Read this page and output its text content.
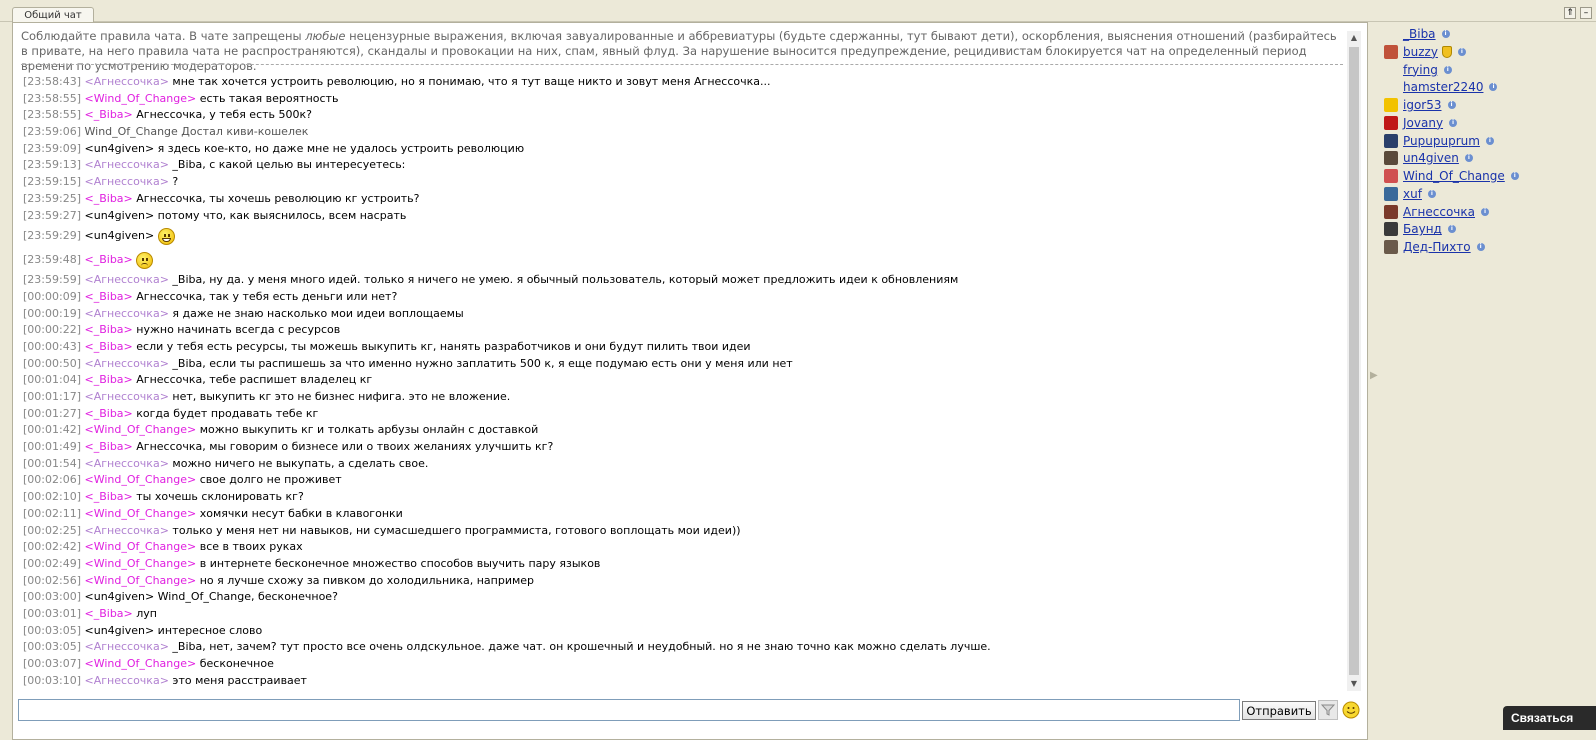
Общий чат	⇑	–
Соблюдайте правила чата. В чате запрещены любые нецензурные выражения, включая завуалированные и аббревиатуры (будьте сдержанны, тут бывают дети), оскорбления, выяснения отношений (разбирайтесь в привате, на него правила чата не распространяются), скандалы и провокации на них, спам, явный флуд. За нарушение выносится предупреждение, рецидивистам блокируется чат на определенный период времени по усмотрению модераторов.
[23:58:43] <Агнессочка> мне так хочется устроить революцию, но я понимаю, что я тут ваще никто и зовут меня Агнессочка...
[23:58:55] <Wind_Of_Change> есть такая вероятность
[23:58:55] <_Biba> Агнессочка, у тебя есть 500к?
[23:59:06] Wind_Of_Change Достал киви-кошелек
[23:59:09] <un4given> я здесь кое-кто, но даже мне не удалось устроить революцию
[23:59:13] <Агнессочка> _Biba, с какой целью вы интересуетесь:
[23:59:15] <Агнессочка> ?
[23:59:25] <_Biba> Агнессочка, ты хочешь революцию кг устроить?
[23:59:27] <un4given> потому что, как выяснилось, всем насрать
[23:59:29] <un4given>
[23:59:48] <_Biba>
[23:59:59] <Агнессочка> _Biba, ну да. у меня много идей. только я ничего не умею. я обычный пользователь, который может предложить идеи к обновлениям
[00:00:09] <_Biba> Агнессочка, так у тебя есть деньги или нет?
[00:00:19] <Агнессочка> я даже не знаю насколько мои идеи воплощаемы
[00:00:22] <_Biba> нужно начинать всегда с ресурсов
[00:00:43] <_Biba> если у тебя есть ресурсы, ты можешь выкупить кг, нанять разработчиков и они будут пилить твои идеи
[00:00:50] <Агнессочка> _Biba, если ты распишешь за что именно нужно заплатить 500 к, я еще подумаю есть они у меня или нет
[00:01:04] <_Biba> Агнессочка, тебе распишет владелец кг
[00:01:17] <Агнессочка> нет, выкупить кг это не бизнес нифига. это не вложение.
[00:01:27] <_Biba> когда будет продавать тебе кг
[00:01:42] <Wind_Of_Change> можно выкупить кг и толкать арбузы онлайн с доставкой
[00:01:49] <_Biba> Агнессочка, мы говорим о бизнесе или о твоих желаниях улучшить кг?
[00:01:54] <Агнессочка> можно ничего не выкупать, а сделать свое.
[00:02:06] <Wind_Of_Change> свое долго не проживет
[00:02:10] <_Biba> ты хочешь склонировать кг?
[00:02:11] <Wind_Of_Change> хомячки несут бабки в клавогонки
[00:02:25] <Агнессочка> только у меня нет ни навыков, ни сумасшедшего программиста, готового воплощать мои идеи))
[00:02:42] <Wind_Of_Change> все в твоих руках
[00:02:49] <Wind_Of_Change> в интернете бесконечное множество способов выучить пару языков
[00:02:56] <Wind_Of_Change> но я лучше схожу за пивком до холодильника, например
[00:03:00] <un4given> Wind_Of_Change, бесконечное?
[00:03:01] <_Biba> луп
[00:03:05] <un4given> интересное слово
[00:03:05] <Агнессочка> _Biba, нет, зачем? тут просто все очень олдскульное. даже чат. он крошечный и неудобный. но я не знаю точно как можно сделать лучше.
[00:03:07] <Wind_Of_Change> бесконечное
[00:03:10] <Агнессочка> это меня расстраивает
▲
▼
Отправить
▶
_Biba	i
buzzy	i
frying	i
hamster2240	i
igor53	i
Jovany	i
Pupupuprum	i
un4given	i
Wind_Of_Change	i
xuf	i
Агнессочка	i
Баунд	i
Дед-Пихто	i
Связаться
